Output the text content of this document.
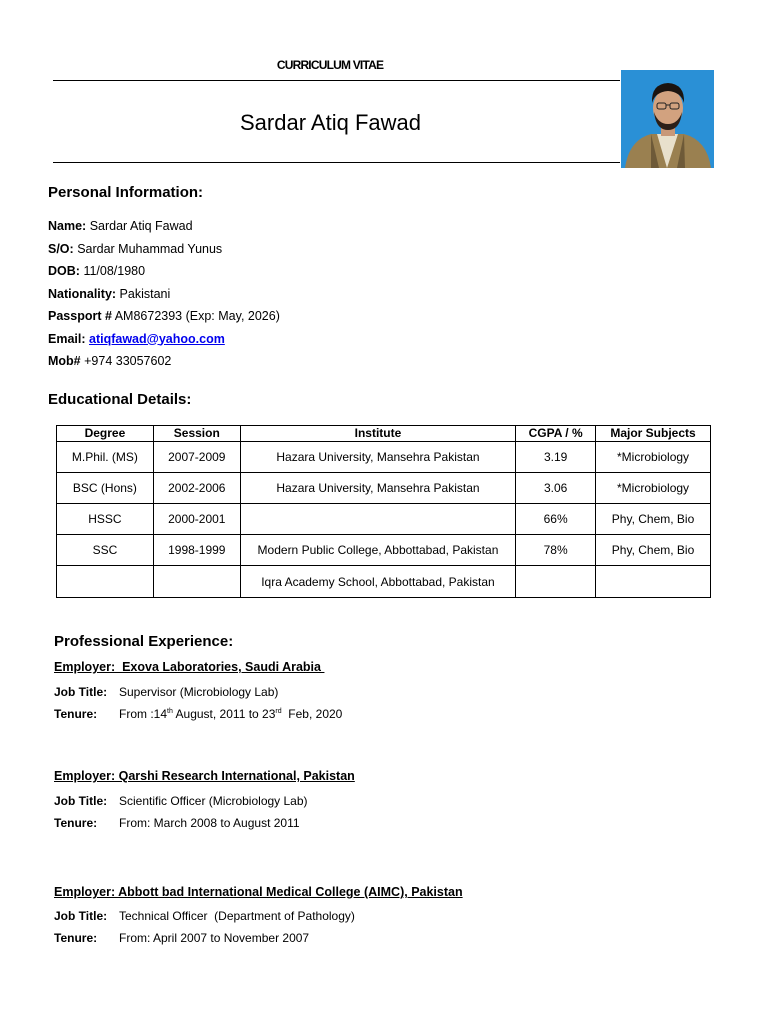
CURRICULUM VITAE
Sardar Atiq Fawad
Personal Information:
Name: Sardar Atiq Fawad
S/O: Sardar Muhammad Yunus
DOB: 11/08/1980
Nationality: Pakistani
Passport # AM8672393 (Exp: May, 2026)
Email: atiqfawad@yahoo.com
Mob# +974 33057602
Educational Details:
Degree	Session	Institute	CGPA / %	Major Subjects
M.Phil. (MS)	2007-2009	Hazara University, Mansehra Pakistan	3.19	*Microbiology
BSC (Hons)	2002-2006	Hazara University, Mansehra Pakistan	3.06	*Microbiology
HSSC	2000-2001		66%	Phy, Chem, Bio
SSC	1998-1999	Modern Public College, Abbottabad, Pakistan	78%	Phy, Chem, Bio
		Iqra Academy School, Abbottabad, Pakistan		
Professional Experience:
Employer:  Exova Laboratories, Saudi Arabia
Job Title: Supervisor (Microbiology Lab)
Tenure: From :14th August, 2011 to 23rd  Feb, 2020
Employer: Qarshi Research International, Pakistan
Job Title: Scientific Officer (Microbiology Lab)
Tenure: From: March 2008 to August 2011
Employer: Abbott bad International Medical College (AIMC), Pakistan
Job Title: Technical Officer  (Department of Pathology)
Tenure: From: April 2007 to November 2007
